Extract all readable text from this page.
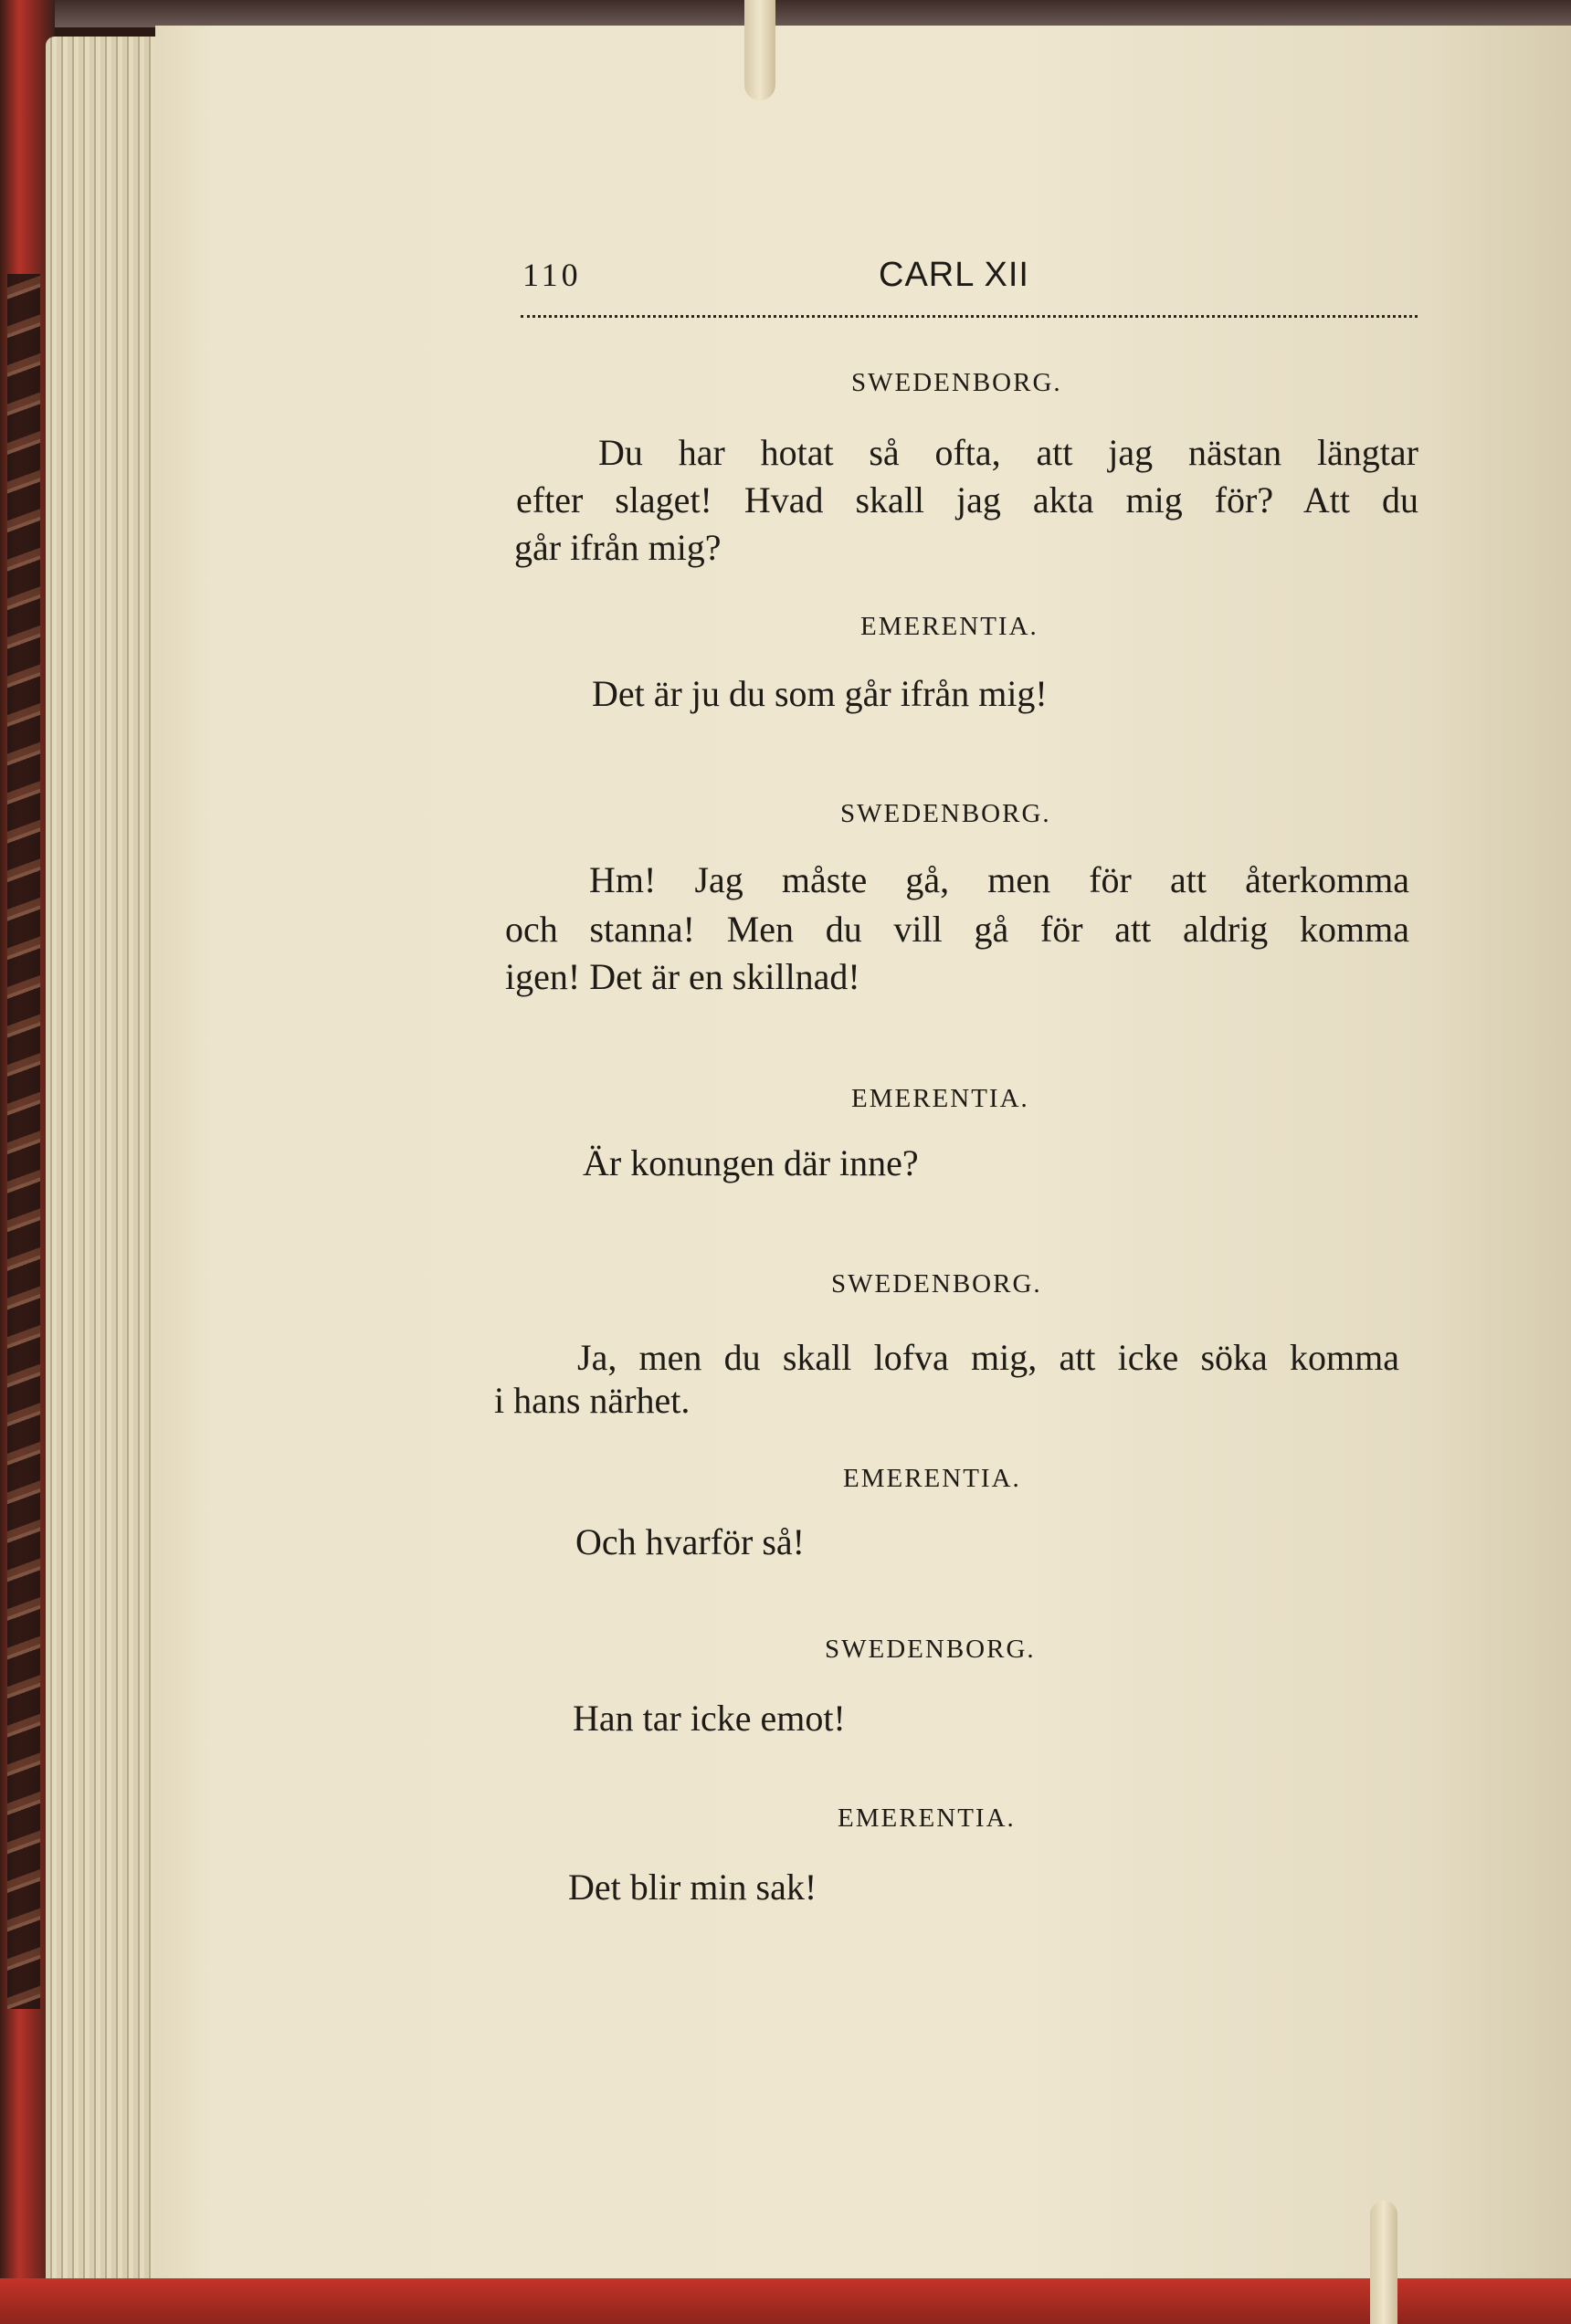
110	CARL XII
SWEDENBORG.
Du har hotat så ofta, att jag nästan längtar
efter slaget! Hvad skall jag akta mig för? Att du
går ifrån mig?
EMERENTIA.
Det är ju du som går ifrån mig!
SWEDENBORG.
Hm! Jag måste gå, men för att återkomma
och stanna! Men du vill gå för att aldrig komma
igen! Det är en skillnad!
EMERENTIA.
Är konungen där inne?
SWEDENBORG.
Ja, men du skall lofva mig, att icke söka komma
i hans närhet.
EMERENTIA.
Och hvarför så!
SWEDENBORG.
Han tar icke emot!
EMERENTIA.
Det blir min sak!
